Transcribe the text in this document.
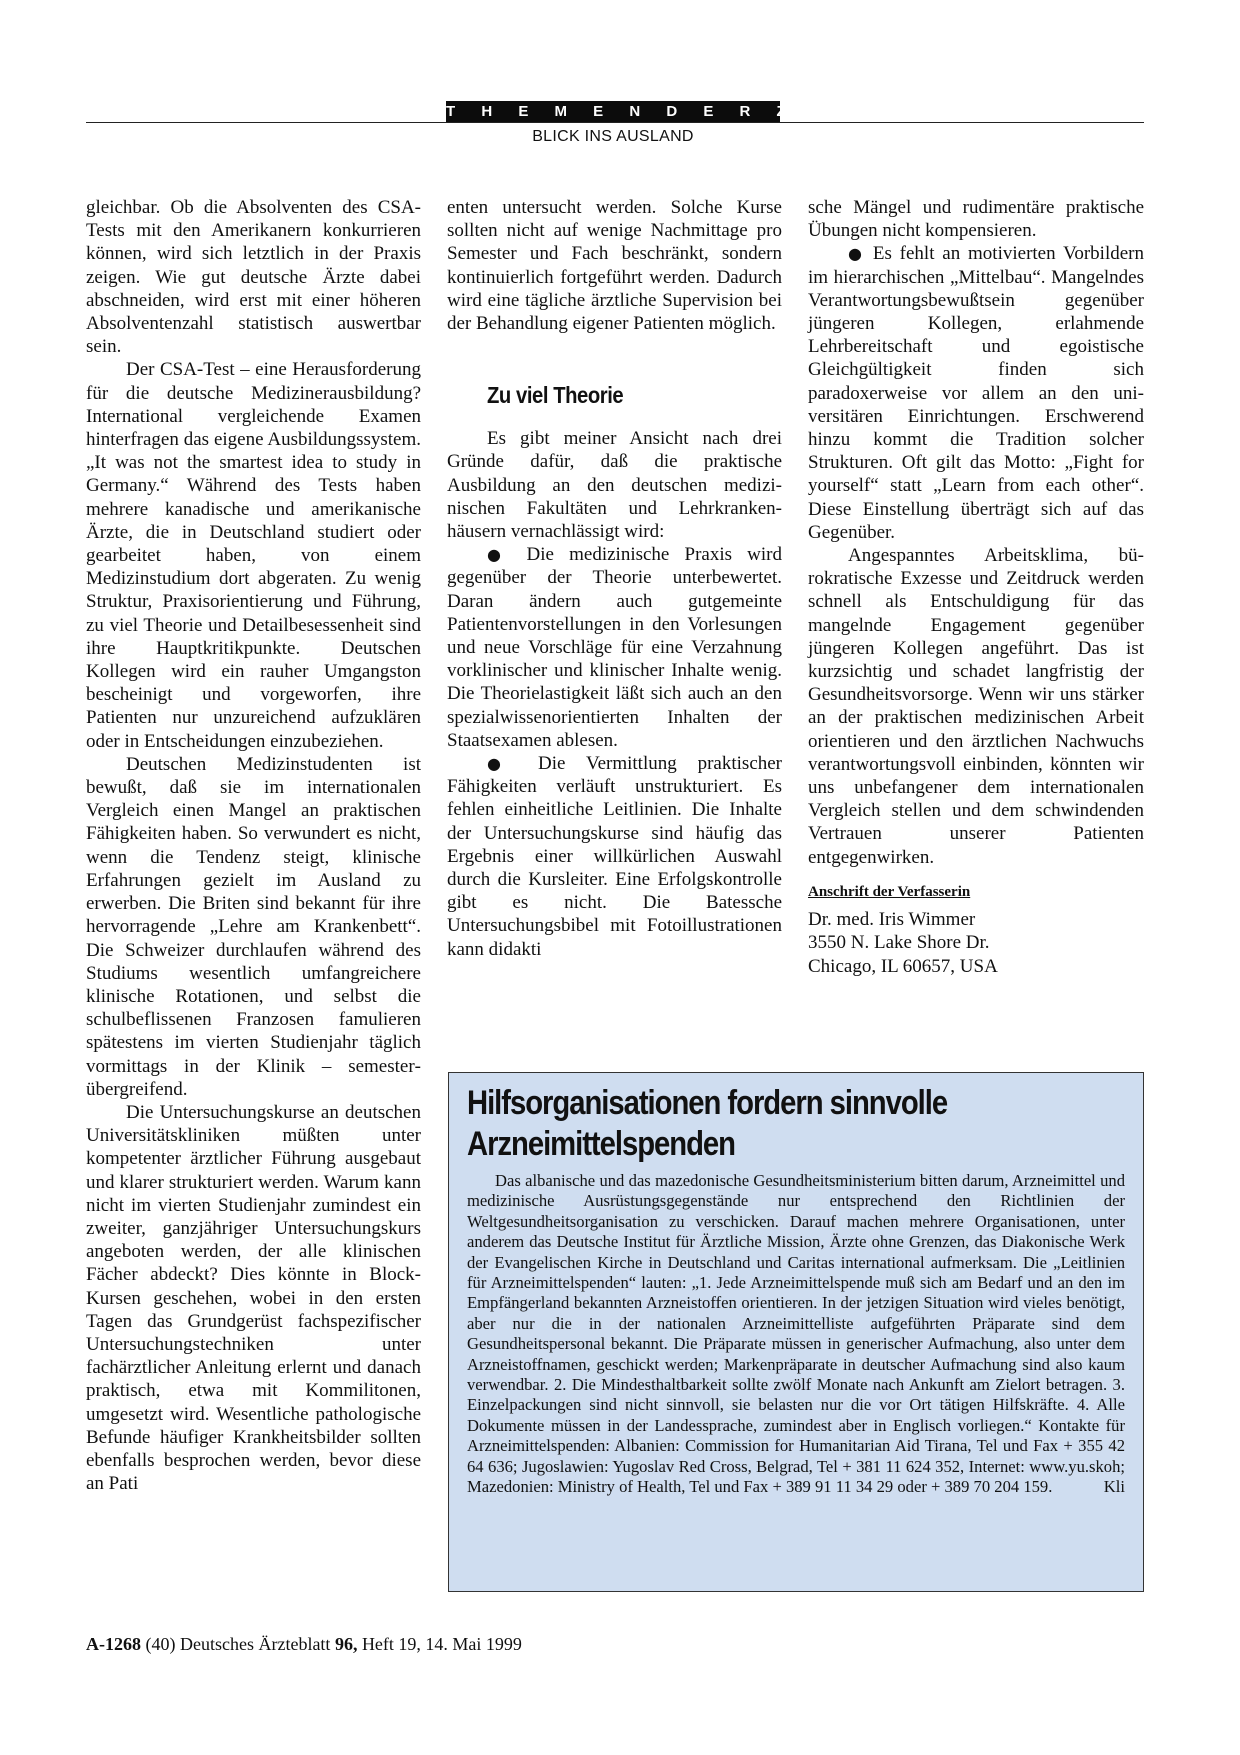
T H E M E N D E R Z E I T
BLICK INS AUSLAND

gleichbar. Ob die Absolventen des CSA-Tests mit den Amerikanern konkurrieren können, wird sich letztlich in der Praxis zeigen. Wie gut deutsche Ärzte dabei abschneiden, wird erst mit einer höheren Absolventenzahl statistisch auswertbar sein.

Der CSA-Test – eine Herausforderung für die deutsche Medizinerausbildung? International vergleichende Examen hinterfragen das eigene Ausbildungssystem. „It was not the smartest idea to study in Germany.“ Während des Tests haben mehrere kanadische und amerikanische Ärzte, die in Deutschland studiert oder gearbeitet haben, von einem Medizinstudium dort abgeraten. Zu wenig Struktur, Praxisorientierung und Führung, zu viel Theorie und Detailbesessenheit sind ihre Hauptkritikpunkte. Deutschen Kollegen wird ein rauher Umgangston bescheinigt und vorgeworfen, ihre Patienten nur unzureichend aufzuklären oder in Entscheidungen einzubeziehen.

Deutschen Medizinstudenten ist bewußt, daß sie im internationalen Vergleich einen Mangel an praktischen Fähigkeiten haben. So verwundert es nicht, wenn die Tendenz steigt, klinische Erfahrungen gezielt im Ausland zu erwerben. Die Briten sind bekannt für ihre hervorragende „Lehre am Krankenbett“. Die Schweizer durchlaufen während des Studiums wesentlich umfangreichere klinische Rotationen, und selbst die schulbeflissenen Franzosen famulieren spätestens im vierten Studienjahr täglich vormittags in der Klinik – semesterübergreifend.

Die Untersuchungskurse an deutschen Universitätskliniken müßten unter kompetenter ärztlicher Führung ausgebaut und klarer strukturiert werden. Warum kann nicht im vierten Studienjahr zumindest ein zweiter, ganzjähriger Untersuchungskurs angeboten werden, der alle klinischen Fächer abdeckt? Dies könnte in Block-Kursen geschehen, wobei in den ersten Tagen das Grundgerüst fachspezifischer Untersuchungstechniken unter fachärztlicher Anleitung erlernt und danach praktisch, etwa mit Kommilitonen, umgesetzt wird. Wesentliche pathologische Befunde häufiger Krankheitsbilder sollten ebenfalls besprochen werden, bevor diese an Pati

enten untersucht werden. Solche Kurse sollten nicht auf wenige Nachmittage pro Semester und Fach beschränkt, sondern kontinuierlich fortgeführt werden. Dadurch wird eine tägliche ärztliche Supervision bei der Behandlung eigener Patienten möglich.

Zu viel Theorie

Es gibt meiner Ansicht nach drei Gründe dafür, daß die praktische Ausbildung an den deutschen medizinischen Fakultäten und Lehrkrankenhäusern vernachlässigt wird:

● Die medizinische Praxis wird gegenüber der Theorie unterbewertet. Daran ändern auch gutgemeinte Patientenvorstellungen in den Vorlesungen und neue Vorschläge für eine Verzahnung vorklinischer und klinischer Inhalte wenig. Die Theorielastigkeit läßt sich auch an den spezialwissenorientierten Inhalten der Staatsexamen ablesen.

● Die Vermittlung praktischer Fähigkeiten verläuft unstrukturiert. Es fehlen einheitliche Leitlinien. Die Inhalte der Untersuchungskurse sind häufig das Ergebnis einer willkürlichen Auswahl durch die Kursleiter. Eine Erfolgskontrolle gibt es nicht. Die Batessche Untersuchungsbibel mit Fotoillustrationen kann didakti

sche Mängel und rudimentäre praktische Übungen nicht kompensieren.

● Es fehlt an motivierten Vorbildern im hierarchischen „Mittelbau“. Mangelndes Verantwortungsbewußtsein gegenüber jüngeren Kollegen, erlahmende Lehrbereitschaft und egoistische Gleichgültigkeit finden sich paradoxerweise vor allem an den universitären Einrichtungen. Erschwerend hinzu kommt die Tradition solcher Strukturen. Oft gilt das Motto: „Fight for yourself“ statt „Learn from each other“. Diese Einstellung überträgt sich auf das Gegenüber.

Angespanntes Arbeitsklima, bürokratische Exzesse und Zeitdruck werden schnell als Entschuldigung für das mangelnde Engagement gegenüber jüngeren Kollegen angeführt. Das ist kurzsichtig und schadet langfristig der Gesundheitsvorsorge. Wenn wir uns stärker an der praktischen medizinischen Arbeit orientieren und den ärztlichen Nachwuchs verantwortungsvoll einbinden, könnten wir uns unbefangener dem internationalen Vergleich stellen und dem schwindenden Vertrauen unserer Patienten entgegenwirken.

Anschrift der Verfasserin
Dr. med. Iris Wimmer
3550 N. Lake Shore Dr.
Chicago, IL 60657, USA
Hilfsorganisationen fordern sinnvolle
Arzneimittelspenden

Das albanische und das mazedonische Gesundheitsministerium bitten darum, Arzneimittel und medizinische Ausrüstungsgegenstände nur entsprechend den Richtlinien der Weltgesundheitsorganisation zu verschicken. Darauf machen mehrere Organisationen, unter anderem das Deutsche Institut für Ärztliche Mission, Ärzte ohne Grenzen, das Diakonische Werk der Evangelischen Kirche in Deutschland und Caritas international aufmerksam. Die „Leitlinien für Arzneimittelspenden“ lauten: „1. Jede Arzneimittelspende muß sich am Bedarf und an den im Empfängerland bekannten Arzneistoffen orientieren. In der jetzigen Situation wird vieles benötigt, aber nur die in der nationalen Arzneimittelliste aufgeführten Präparate sind dem Gesundheitspersonal bekannt. Die Präparate müssen in generischer Aufmachung, also unter dem Arzneistoffnamen, geschickt werden; Markenpräparate in deutscher Aufmachung sind also kaum verwendbar. 2. Die Mindesthaltbarkeit sollte zwölf Monate nach Ankunft am Zielort betragen. 3. Einzelpackungen sind nicht sinnvoll, sie belasten nur die vor Ort tätigen Hilfskräfte. 4. Alle Dokumente müssen in der Landessprache, zumindest aber in Englisch vorliegen.“ Kontakte für Arzneimittelspenden: Albanien: Commission for Humanitarian Aid Tirana, Tel und Fax + 355 42 64 636; Jugoslawien: Yugoslav Red Cross, Belgrad, Tel + 381 11 624 352, Internet: www.yu.skoh; Mazedonien: Ministry of Health, Tel und Fax + 389 91 11 34 29 oder + 389 70 204 159.	Kli

A-1268 (40) Deutsches Ärzteblatt 96, Heft 19, 14. Mai 1999
